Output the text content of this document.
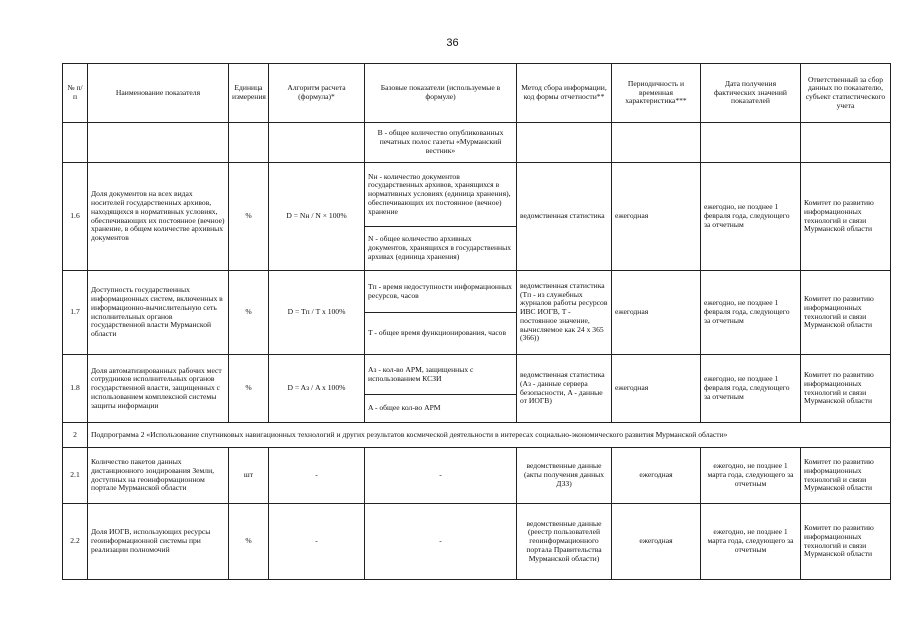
36
№ п/п	Наименование показателя	Единица измерения	Алгоритм расчета (формула)*	Базовые показатели (используемые в формуле)	Метод сбора информации, код формы отчетности**	Периодичность и временная характеристика***	Дата получения фактических значений показателей	Ответственный за сбор данных по показателю, субъект статистического учета
				В - общее количество опубликованных печатных полос газеты «Мурманский вестник»				
1.6	Доля документов на всех видах носителей государственных архивов, находящихся в нормативных условиях, обеспечивающих их постоянное (вечное) хранение, в общем количестве архивных документов	%	D = Nн / N × 100%	Nн - количество документов государственных архивов, хранящихся в нормативных условиях (единица хранения), обеспечивающих их постоянное (вечное) хранение	ведомственная статистика	ежегодная	ежегодно, не позднее 1 февраля года, следующего за отчетным	Комитет по развитию информационных технологий и связи Мурманской области
				N - общее количество архивных документов, хранящихся в государственных архивах (единица хранения)				
1.7	Доступность государственных информационных систем, включенных в информационно-вычислительную сеть исполнительных органов государственной власти Мурманской области	%	D = Tп / T x 100%	Tп - время недоступности информационных ресурсов, часов	ведомственная статистика (Tп - из служебных журналов работы ресурсов ИВС ИОГВ, T - постоянное значение, вычисляемое как 24 х 365 (366))	ежегодная	ежегодно, не позднее 1 февраля года, следующего за отчетным	Комитет по развитию информационных технологий и связи Мурманской области
				T - общее время функционирования, часов				
1.8	Доля автоматизированных рабочих мест сотрудников исполнительных органов государственной власти, защищенных с использованием комплексной системы защиты информации	%	D = Aз / A x 100%	Aз - кол-во АРМ, защищенных с использованием КСЗИ	ведомственная статистика (Aз - данные сервера безопасности, A - данные от ИОГВ)	ежегодная	ежегодно, не позднее 1 февраля года, следующего за отчетным	Комитет по развитию информационных технологий и связи Мурманской области
				A - общее кол-во АРМ				
2	Подпрограмма 2 «Использование спутниковых навигационных технологий и других результатов космической деятельности в интересах социально-экономического развития Мурманской области»							
2.1	Количество пакетов данных дистанционного зондирования Земли, доступных на геоинформационном портале Мурманской области	шт	-	-	ведомственные данные (акты получения данных ДЗЗ)	ежегодная	ежегодно, не позднее 1 марта года, следующего за отчетным	Комитет по развитию информационных технологий и связи Мурманской области
2.2	Доля ИОГВ, использующих ресурсы геоинформационной системы при реализации полномочий	%	-	-	ведомственные данные (реестр пользователей геоинформационного портала Правительства Мурманской области)	ежегодная	ежегодно, не позднее 1 марта года, следующего за отчетным	Комитет по развитию информационных технологий и связи Мурманской области
